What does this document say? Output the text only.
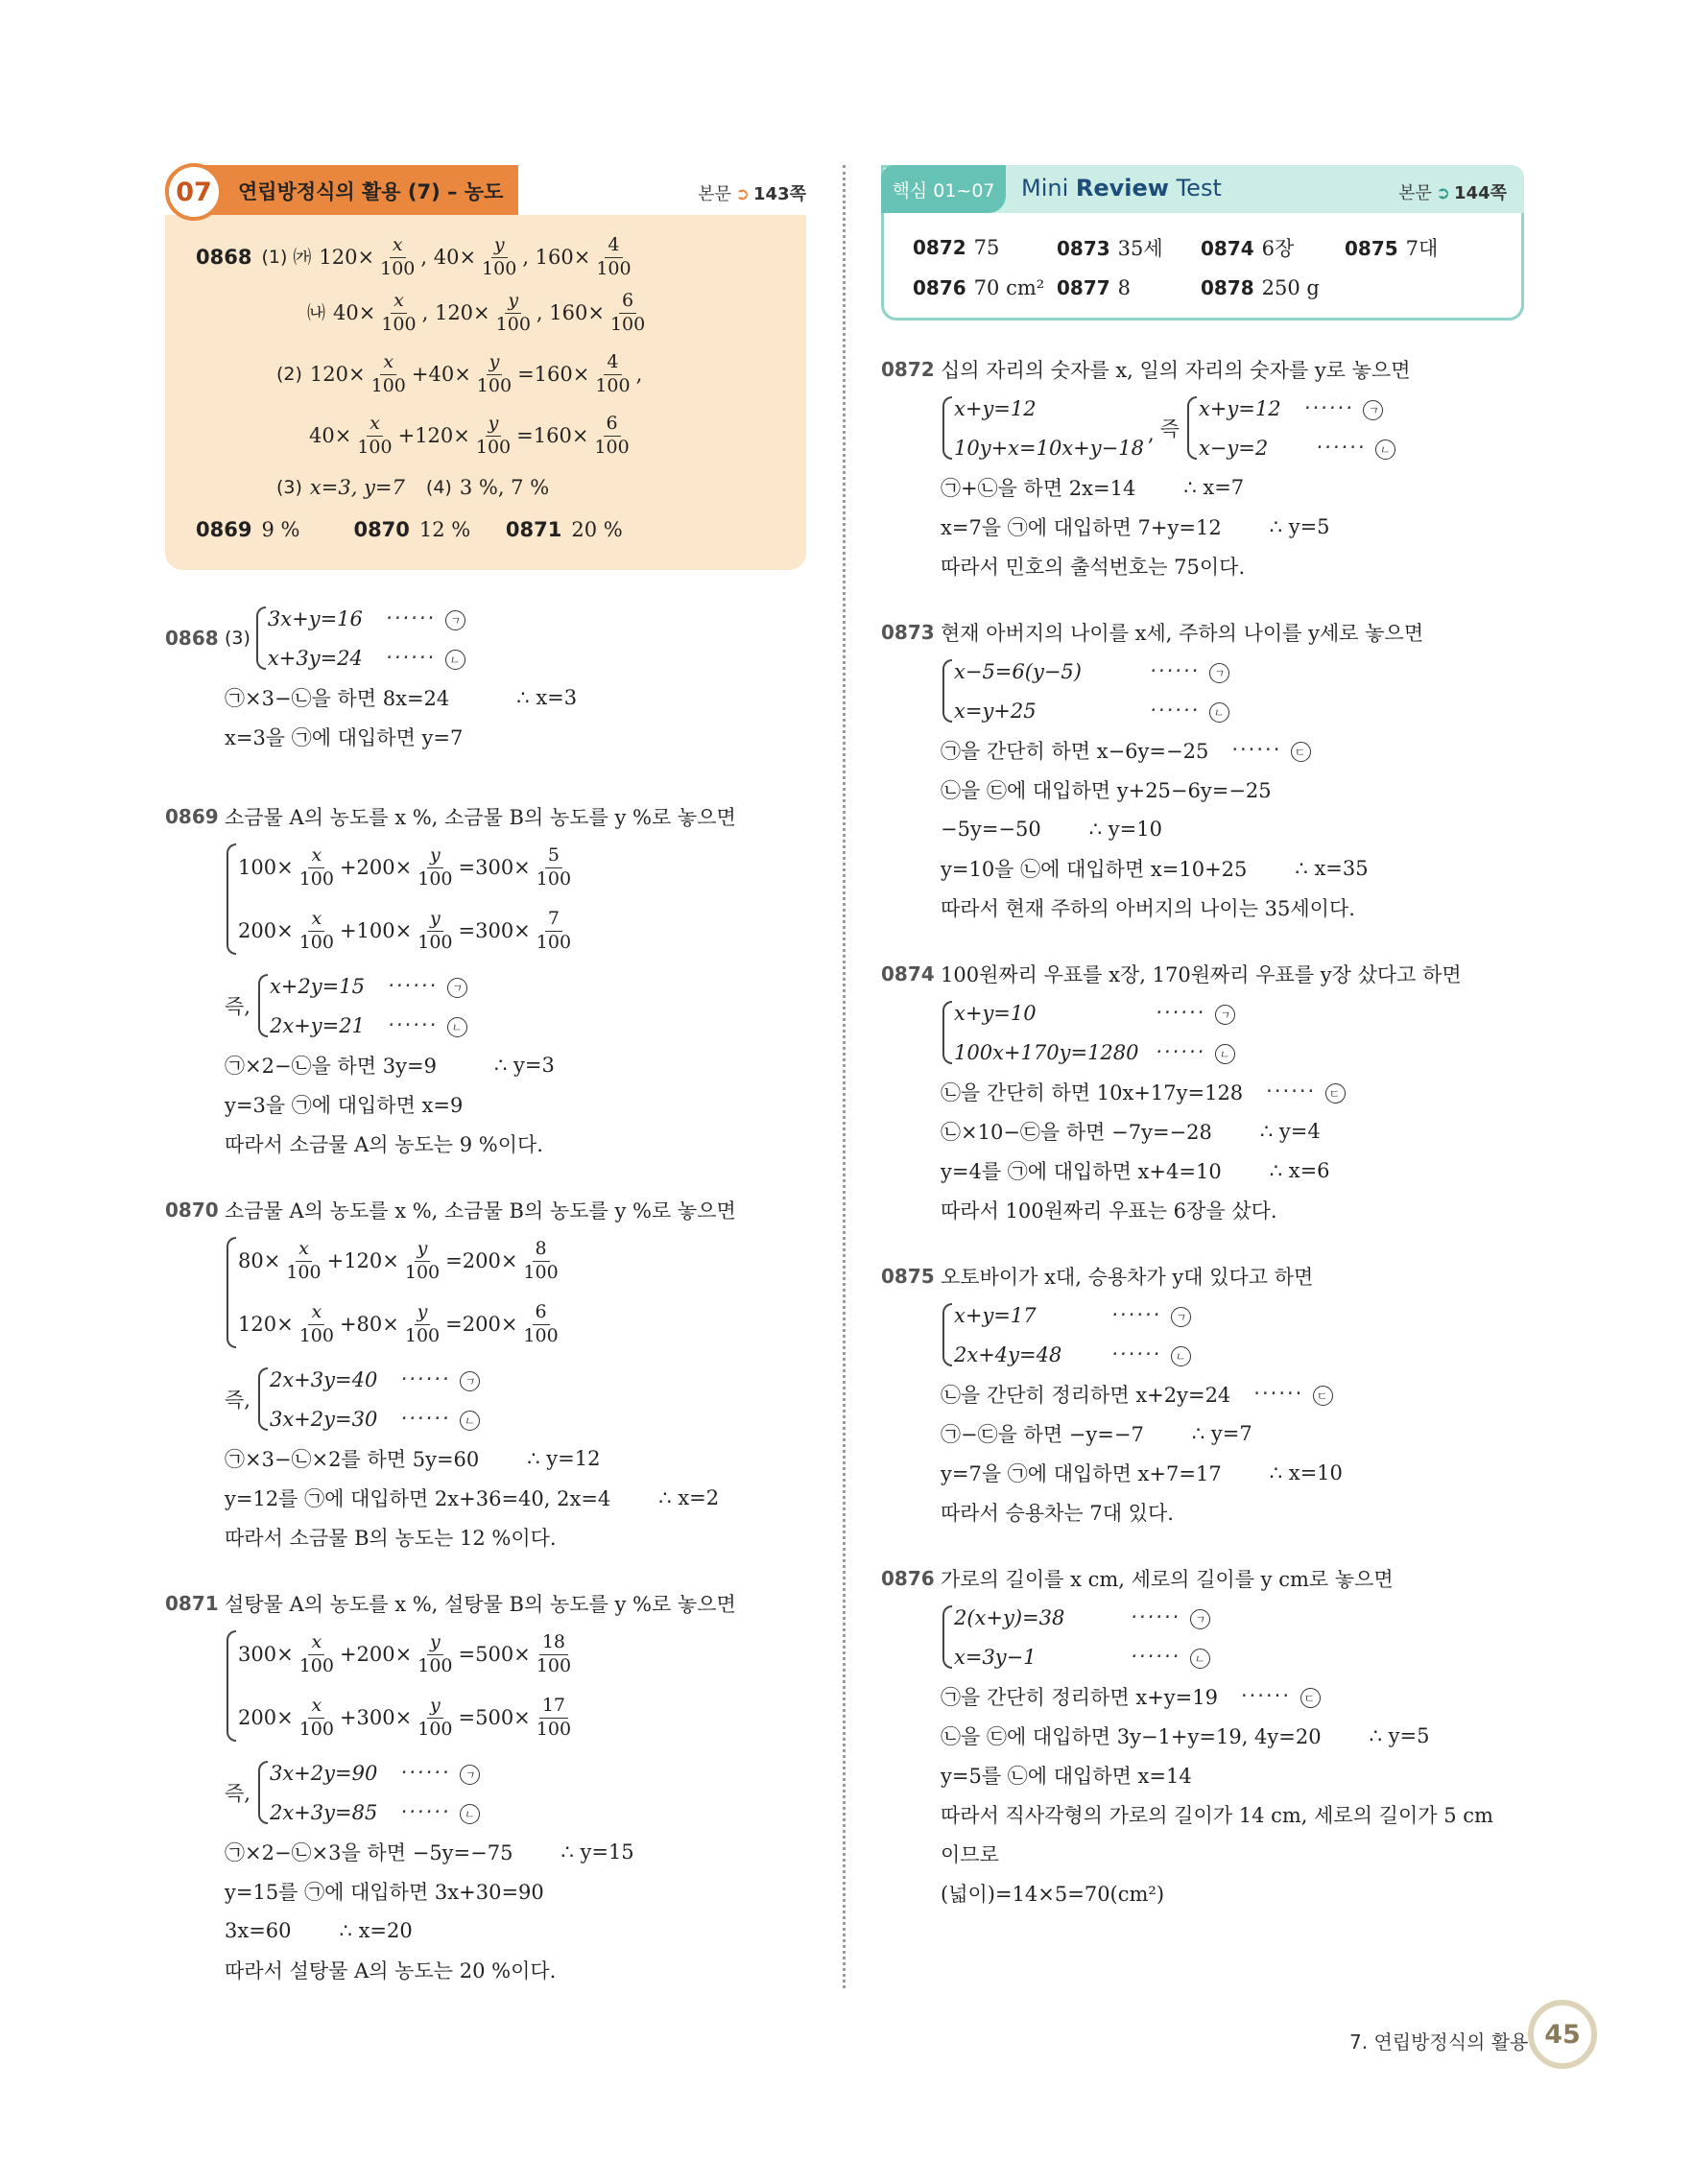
07	연립방정식의 활용 (7) – 농도	본문 ➲ 143쪽
0868 (1) ㈎ $120\times \frac{x}{100}$ , $40\times \frac{y}{100}$ , $160\times \frac{4}{100}$
㈏ $40\times \frac{x}{100}$ , $120\times \frac{y}{100}$ , $160\times \frac{6}{100}$
(2) $120\times \frac{x}{100} +40\times \frac{y}{100} =160\times \frac{4}{100}$ ,
$40\times \frac{x}{100} +120\times \frac{y}{100} =160\times \frac{6}{100}$
(3) x=3, y=7 (4) 3 %, 7 %
0869 9 %	0870 12 %	0871 20 %
0868 (3)
3x+y=16 ······ ㄱ
x+3y=24 ······ ㄴ
㉠×3−㉡을 하면 8x=24	∴ x=3
x=3을 ㉠에 대입하면 y=7
0869 소금물 A의 농도를 x %, 소금물 B의 농도를 y %로 놓으면
$100\times \frac{x}{100} +200\times \frac{y}{100} =300\times \frac{5}{100}$
$200\times \frac{x}{100} +100\times \frac{y}{100} =300\times \frac{7}{100}$
즉,
x+2y=15 ······ ㄱ
2x+y=21 ······ ㄴ
㉠×2−㉡을 하면 3y=9	∴ y=3
y=3을 ㉠에 대입하면 x=9
따라서 소금물 A의 농도는 9 %이다.
0870 소금물 A의 농도를 x %, 소금물 B의 농도를 y %로 놓으면
$80\times \frac{x}{100} +120\times \frac{y}{100} =200\times \frac{8}{100}$
$120\times \frac{x}{100} +80\times \frac{y}{100} =200\times \frac{6}{100}$
즉,
2x+3y=40 ······ ㄱ
3x+2y=30 ······ ㄴ
㉠×3−㉡×2를 하면 5y=60 ∴ y=12
y=12를 ㉠에 대입하면 2x+36=40, 2x=4 ∴ x=2
따라서 소금물 B의 농도는 12 %이다.
0871 설탕물 A의 농도를 x %, 설탕물 B의 농도를 y %로 놓으면
$300\times \frac{x}{100} +200\times \frac{y}{100} =500\times \frac{18}{100}$
$200\times \frac{x}{100} +300\times \frac{y}{100} =500\times \frac{17}{100}$
즉,
3x+2y=90 ······ ㄱ
2x+3y=85 ······ ㄴ
㉠×2−㉡×3을 하면 −5y=−75 ∴ y=15
y=15를 ㉠에 대입하면 3x+30=90
3x=60 ∴ x=20
따라서 설탕물 A의 농도는 20 %이다.
핵심 01~07	Mini Review Test	본문 ➲ 144쪽
0872 75	0873 35세	0874 6장	0875 7대
0876 70 cm² 0877 8	0878 250 g
0872 십의 자리의 숫자를 x, 일의 자리의 숫자를 y로 놓으면
x+y=12
10y+x=10x+y−18
, 즉
x+y=12 ······ ㄱ
x−y=2 ······ ㄴ
㉠+㉡을 하면 2x=14 ∴ x=7
x=7을 ㉠에 대입하면 7+y=12 ∴ y=5
따라서 민호의 출석번호는 75이다.
0873 현재 아버지의 나이를 x세, 주하의 나이를 y세로 놓으면
x−5=6(y−5)	······ ㄱ
x=y+25	······ ㄴ
㉠을 간단히 하면 x−6y=−25 ······ ㄷ
㉡을 ㉢에 대입하면 y+25−6y=−25
−5y=−50 ∴ y=10
y=10을 ㉡에 대입하면 x=10+25 ∴ x=35
따라서 현재 주하의 아버지의 나이는 35세이다.
0874 100원짜리 우표를 x장, 170원짜리 우표를 y장 샀다고 하면
x+y=10	······ ㄱ
100x+170y=1280 ······ ㄴ
㉡을 간단히 하면 10x+17y=128 ······ ㄷ
㉡×10−㉢을 하면 −7y=−28 ∴ y=4
y=4를 ㉠에 대입하면 x+4=10 ∴ x=6
따라서 100원짜리 우표는 6장을 샀다.
0875 오토바이가 x대, 승용차가 y대 있다고 하면
x+y=17	······ ㄱ
2x+4y=48	······ ㄴ
㉡을 간단히 정리하면 x+2y=24 ······ ㄷ
㉠−㉢을 하면 −y=−7 ∴ y=7
y=7을 ㉠에 대입하면 x+7=17 ∴ x=10
따라서 승용차는 7대 있다.
0876 가로의 길이를 x cm, 세로의 길이를 y cm로 놓으면
2(x+y)=38	······ ㄱ
x=3y−1	······ ㄴ
㉠을 간단히 정리하면 x+y=19 ······ ㄷ
㉡을 ㉢에 대입하면 3y−1+y=19, 4y=20 ∴ y=5
y=5를 ㉡에 대입하면 x=14
따라서 직사각형의 가로의 길이가 14 cm, 세로의 길이가 5 cm
이므로
(넓이)=14×5=70(cm²)
7. 연립방정식의 활용 45
